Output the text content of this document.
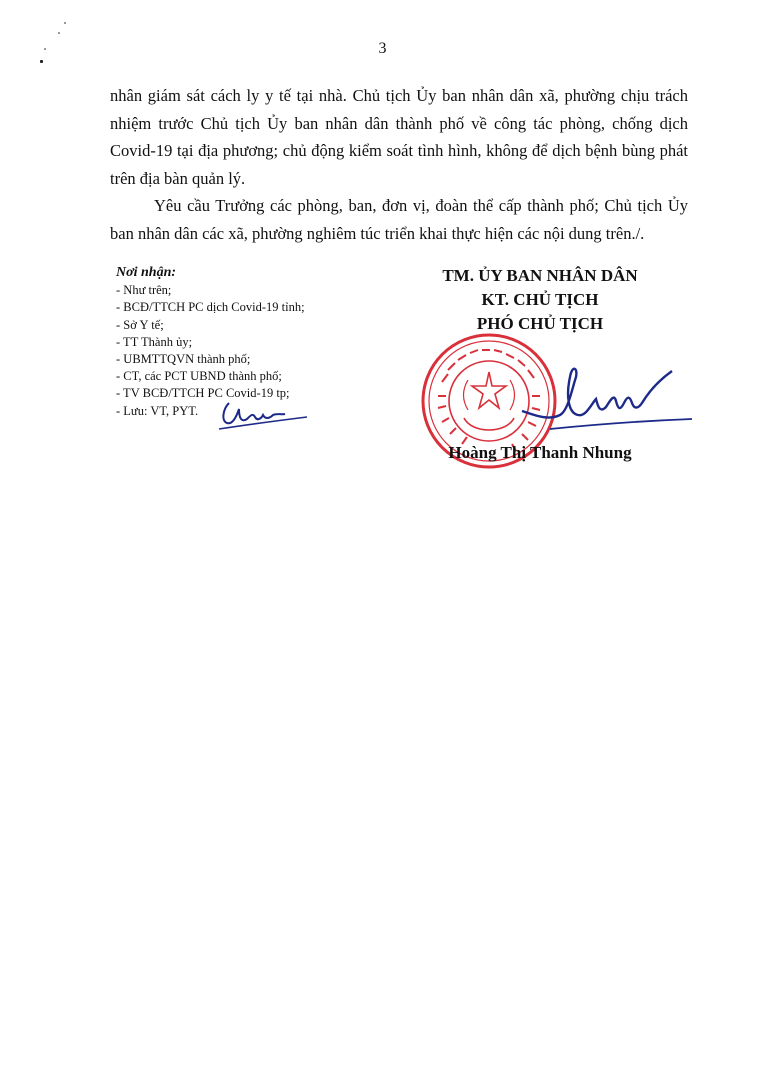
3

nhân giám sát cách ly y tế tại nhà. Chủ tịch Ủy ban nhân dân xã, phường chịu trách nhiệm trước Chủ tịch Ủy ban nhân dân thành phố về công tác phòng, chống dịch Covid-19 tại địa phương; chủ động kiểm soát tình hình, không để dịch bệnh bùng phát trên địa bàn quản lý.

Yêu cầu Trưởng các phòng, ban, đơn vị, đoàn thể cấp thành phố; Chủ tịch Ủy ban nhân dân các xã, phường nghiêm túc triển khai thực hiện các nội dung trên./.

Nơi nhận:
- Như trên;
- BCĐ/TTCH PC dịch Covid-19 tỉnh;
- Sở Y tế;
- TT Thành ủy;
- UBMTTQVN thành phố;
- CT, các PCT UBND thành phố;
- TV BCĐ/TTCH PC Covid-19 tp;
- Lưu: VT, PYT.
TM. ỦY BAN NHÂN DÂN
KT. CHỦ TỊCH
PHÓ CHỦ TỊCH
Hoàng Thị Thanh Nhung
